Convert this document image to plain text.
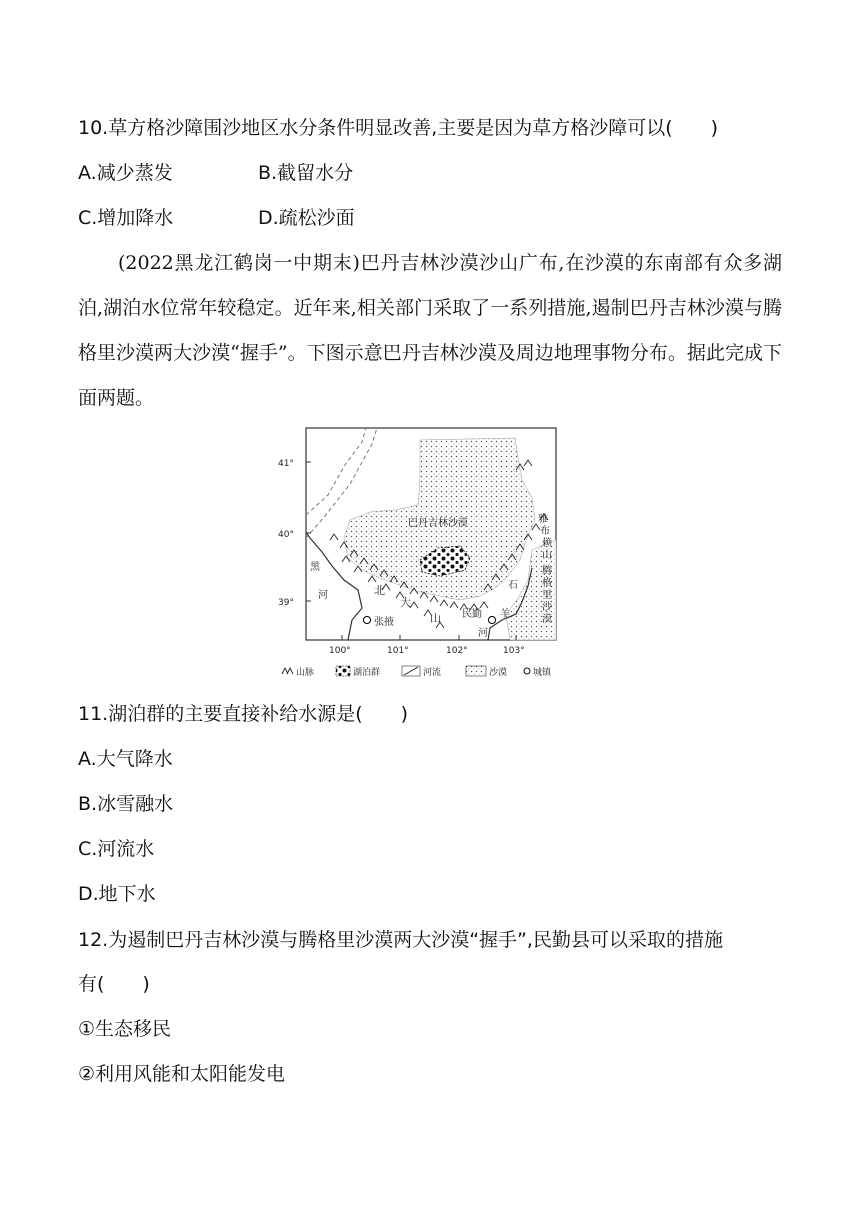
10.草方格沙障围沙地区水分条件明显改善,主要是因为草方格沙障可以(　　)
A.减少蒸发	B.截留水分
C.增加降水	D.疏松沙面
(2022黑龙江鹤岗一中期末)巴丹吉林沙漠沙山广布,在沙漠的东南部有众多湖泊,湖泊水位常年较稳定。近年来,相关部门采取了一系列措施,遏制巴丹吉林沙漠与腾格里沙漠两大沙漠“握手”。下图示意巴丹吉林沙漠及周边地理事物分布。据此完成下面两题。
巴丹吉林沙漠
张掖
民勤
黑
河	北
大
山
石
羊
河
雅
布
赖
山
腾
格
里
沙
漠
41°
40°
39°
100°	101°	102°	103°
山脉	湖泊群	河流	沙漠	城镇
11.湖泊群的主要直接补给水源是(　　)
A.大气降水
B.冰雪融水
C.河流水
D.地下水
12.为遏制巴丹吉林沙漠与腾格里沙漠两大沙漠“握手”,民勤县可以采取的措施
有(　　)
①生态移民
②利用风能和太阳能发电
